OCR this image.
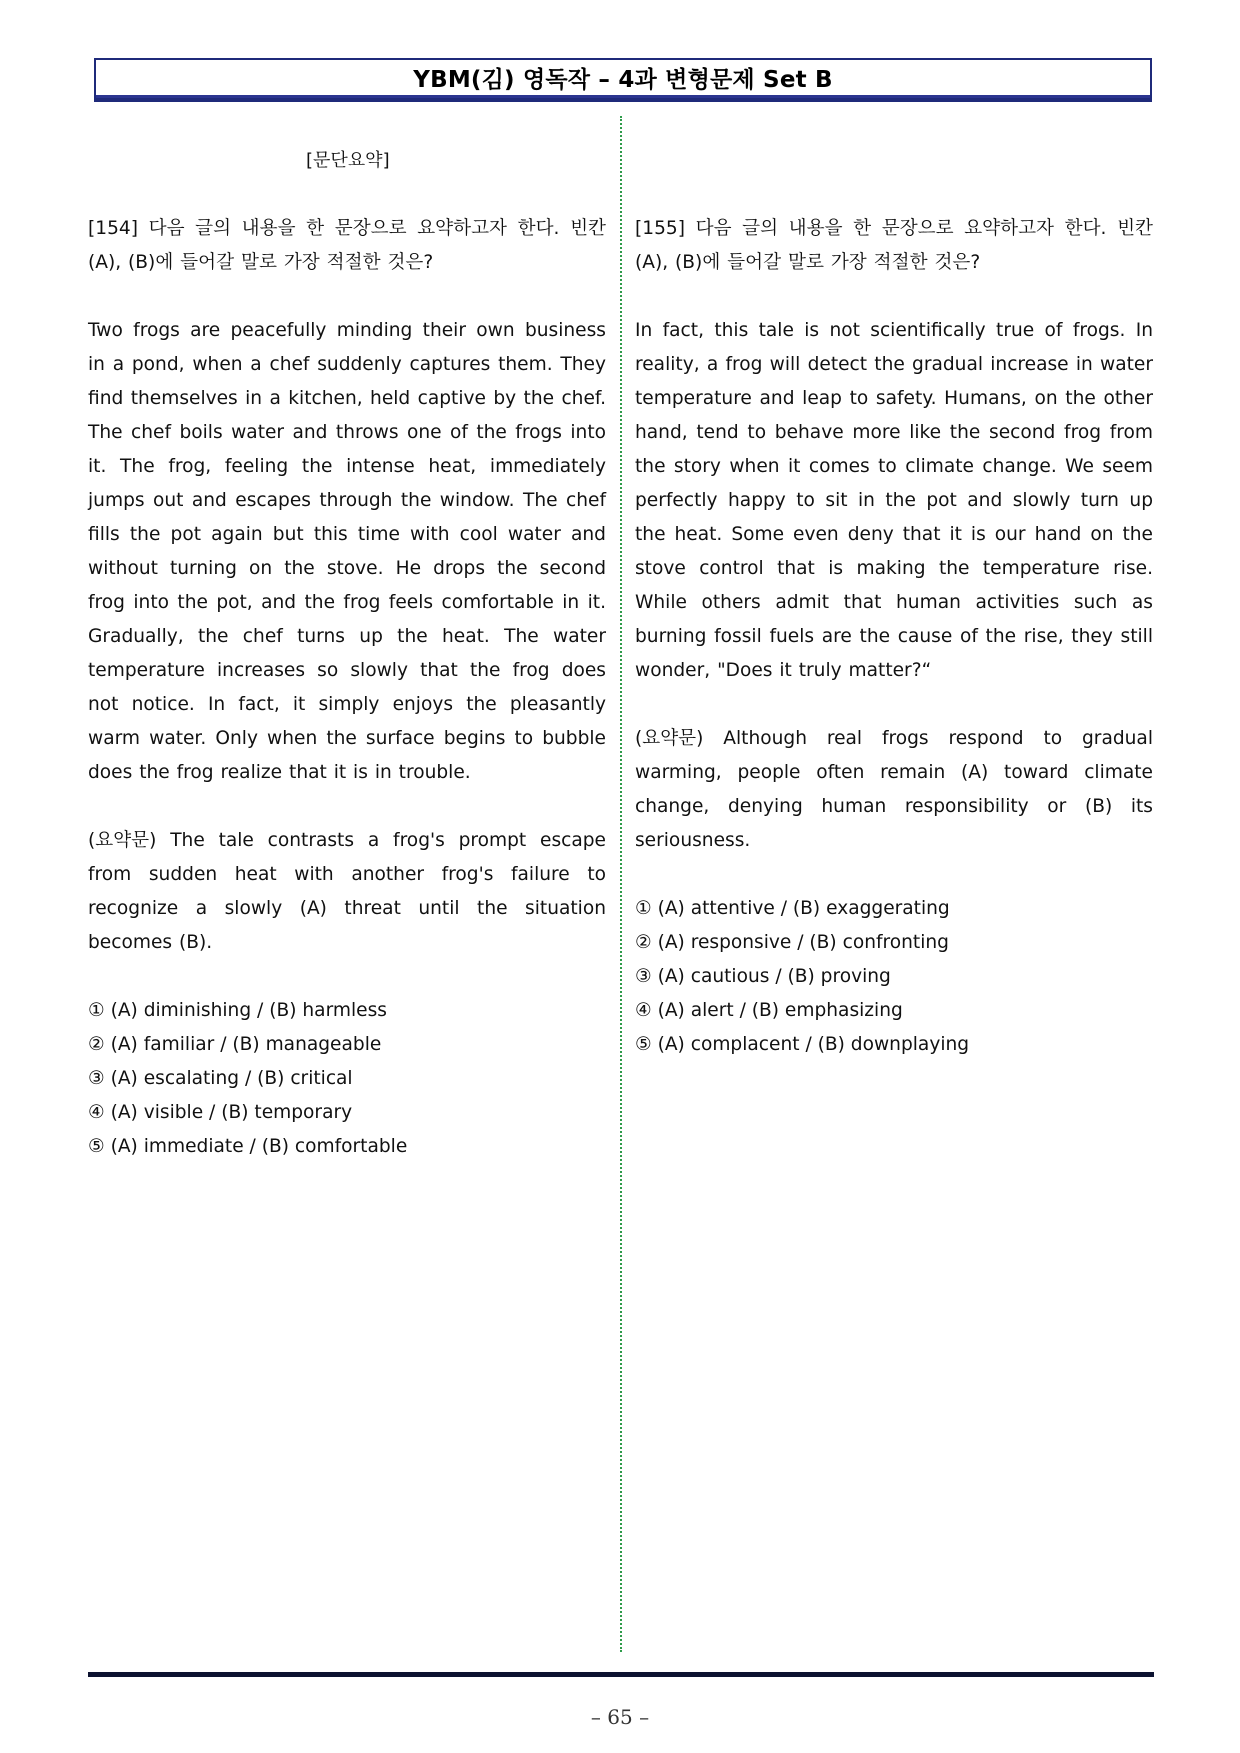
YBM(김) 영독작 – 4과 변형문제 Set B
[문단요약]
[154] 다음 글의 내용을 한 문장으로 요약하고자 한다. 빈칸 (A), (B)에 들어갈 말로 가장 적절한 것은?
Two frogs are peacefully minding their own business in a pond, when a chef suddenly captures them. They find themselves in a kitchen, held captive by the chef. The chef boils water and throws one of the frogs into it. The frog, feeling the intense heat, immediately jumps out and escapes through the window. The chef fills the pot again but this time with cool water and without turning on the stove. He drops the second frog into the pot, and the frog feels comfortable in it. Gradually, the chef turns up the heat. The water temperature increases so slowly that the frog does not notice. In fact, it simply enjoys the pleasantly warm water. Only when the surface begins to bubble does the frog realize that it is in trouble.
(요약문) The tale contrasts a frog's prompt escape from sudden heat with another frog's failure to recognize a slowly (A) threat until the situation becomes (B).
① (A) diminishing / (B) harmless
② (A) familiar / (B) manageable
③ (A) escalating / (B) critical
④ (A) visible / (B) temporary
⑤ (A) immediate / (B) comfortable
[155] 다음 글의 내용을 한 문장으로 요약하고자 한다. 빈칸 (A), (B)에 들어갈 말로 가장 적절한 것은?
In fact, this tale is not scientifically true of frogs. In reality, a frog will detect the gradual increase in water temperature and leap to safety. Humans, on the other hand, tend to behave more like the second frog from the story when it comes to climate change. We seem perfectly happy to sit in the pot and slowly turn up the heat. Some even deny that it is our hand on the stove control that is making the temperature rise. While others admit that human activities such as burning fossil fuels are the cause of the rise, they still wonder, "Does it truly matter?“
(요약문) Although real frogs respond to gradual warming, people often remain (A) toward climate change, denying human responsibility or (B) its seriousness.
① (A) attentive / (B) exaggerating
② (A) responsive / (B) confronting
③ (A) cautious / (B) proving
④ (A) alert / (B) emphasizing
⑤ (A) complacent / (B) downplaying
– 65 –
